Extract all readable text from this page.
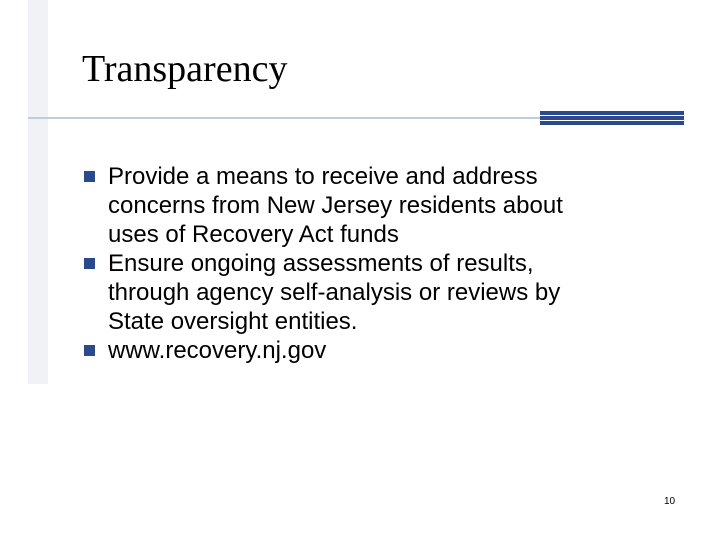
Transparency
Provide a means to receive and address
concerns from New Jersey residents about
uses of Recovery Act funds
Ensure ongoing assessments of results,
through agency self-analysis or reviews by
State oversight entities.
www.recovery.nj.gov
10
